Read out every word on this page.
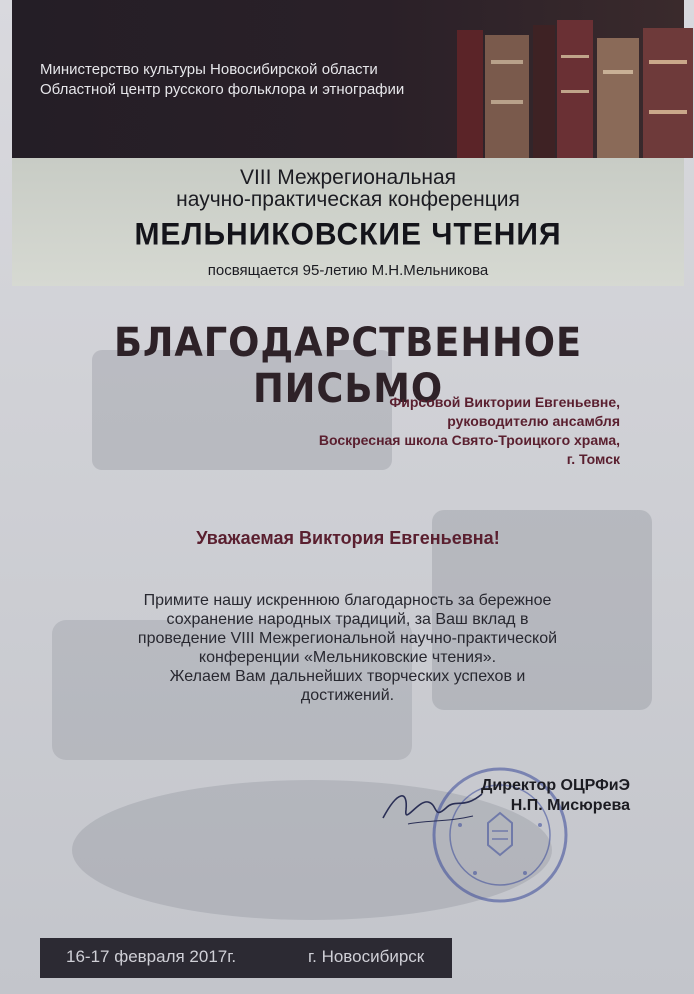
Министерство культуры Новосибирской области
Областной центр русского фольклора и этнографии
VIII Межрегиональная
научно-практическая конференция
МЕЛЬНИКОВСКИЕ ЧТЕНИЯ
посвящается 95-летию М.Н.Мельникова
БЛАГОДАРСТВЕННОЕ ПИСЬМО
Фирсовой Виктории Евгеньевне,
руководителю ансамбля
Воскресная школа Свято-Троицкого храма,
г. Томск
Уважаемая Виктория Евгеньевна!
Примите нашу искреннюю благодарность за бережное
сохранение народных традиций, за Ваш вклад в
проведение VIII Межрегиональной научно-практической
конференции «Мельниковские чтения».
Желаем Вам дальнейших творческих успехов и
достижений.
Директор ОЦРФиЭ
Н.П. Мисюрева
16-17 февраля 2017г.	г. Новосибирск
